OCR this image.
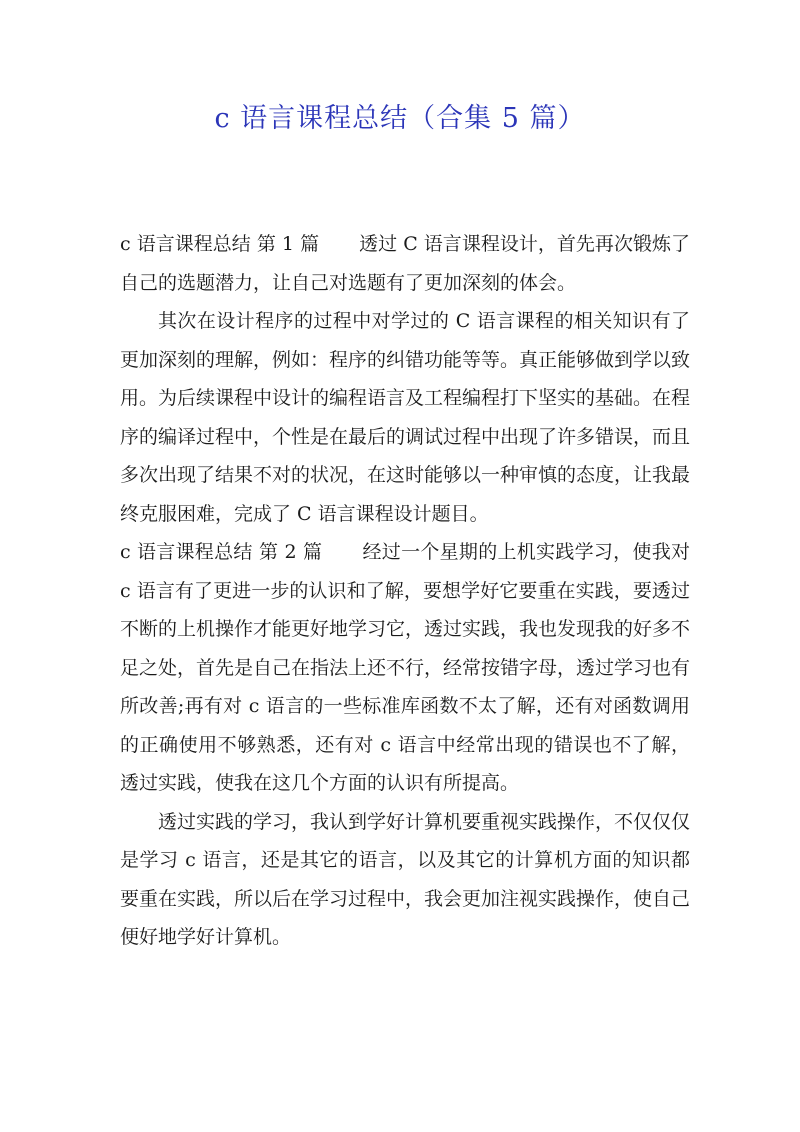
c 语言课程总结（合集 5 篇）

c 语言课程总结 第 1 篇 透过 C 语言课程设计，首先再次锻炼了自己的选题潜力，让自己对选题有了更加深刻的体会。

其次在设计程序的过程中对学过的 C 语言课程的相关知识有了更加深刻的理解，例如：程序的纠错功能等等。真正能够做到学以致用。为后续课程中设计的编程语言及工程编程打下坚实的基础。在程序的编译过程中，个性是在最后的调试过程中出现了许多错误，而且多次出现了结果不对的状况，在这时能够以一种审慎的态度，让我最终克服困难，完成了 C 语言课程设计题目。

c 语言课程总结 第 2 篇 经过一个星期的上机实践学习，使我对 c 语言有了更进一步的认识和了解，要想学好它要重在实践，要透过不断的上机操作才能更好地学习它，透过实践，我也发现我的好多不足之处，首先是自己在指法上还不行，经常按错字母，透过学习也有所改善;再有对 c 语言的一些标准库函数不太了解，还有对函数调用的正确使用不够熟悉，还有对 c 语言中经常出现的错误也不了解，透过实践，使我在这几个方面的认识有所提高。

透过实践的学习，我认到学好计算机要重视实践操作，不仅仅仅是学习 c 语言，还是其它的语言，以及其它的计算机方面的知识都要重在实践，所以后在学习过程中，我会更加注视实践操作，使自己便好地学好计算机。
